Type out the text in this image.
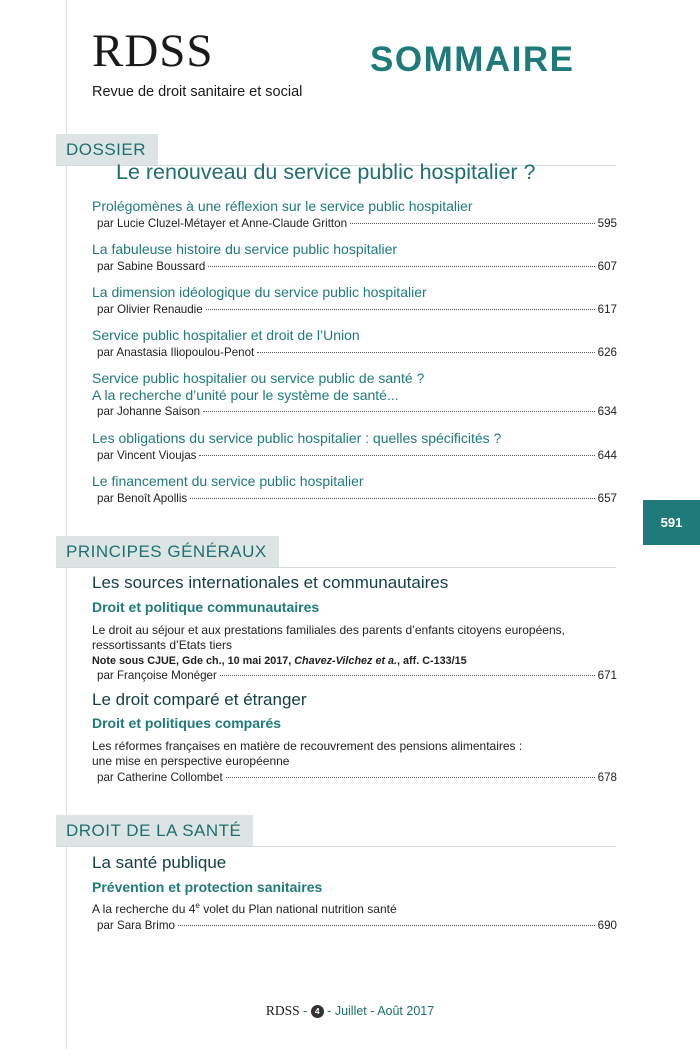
RDSS
Revue de droit sanitaire et social
SOMMAIRE
DOSSIER
Le renouveau du service public hospitalier ?
Prolégomènes à une réflexion sur le service public hospitalier
par Lucie Cluzel-Métayer et Anne-Claude Gritton	595
La fabuleuse histoire du service public hospitalier
par Sabine Boussard	607
La dimension idéologique du service public hospitalier
par Olivier Renaudie	617
Service public hospitalier et droit de l’Union
par Anastasia Iliopoulou-Penot	626
Service public hospitalier ou service public de santé ?
A la recherche d’unité pour le système de santé...
par Johanne Saison	634
Les obligations du service public hospitalier : quelles spécificités ?
par Vincent Vioujas	644
Le financement du service public hospitalier
par Benoît Apollis	657
591
PRINCIPES GÉNÉRAUX
Les sources internationales et communautaires
Droit et politique communautaires
Le droit au séjour et aux prestations familiales des parents d’enfants citoyens européens,
ressortissants d’Etats tiers
Note sous CJUE, Gde ch., 10 mai 2017, Chavez-Vilchez et a., aff. C-133/15
par Françoise Monéger	671
Le droit comparé et étranger
Droit et politiques comparés
Les réformes françaises en matière de recouvrement des pensions alimentaires :
une mise en perspective européenne
par Catherine Collombet	678
DROIT DE LA SANTÉ
La santé publique
Prévention et protection sanitaires
A la recherche du 4e volet du Plan national nutrition santé
par Sara Brimo	690
RDSS - 4 - Juillet - Août 2017
